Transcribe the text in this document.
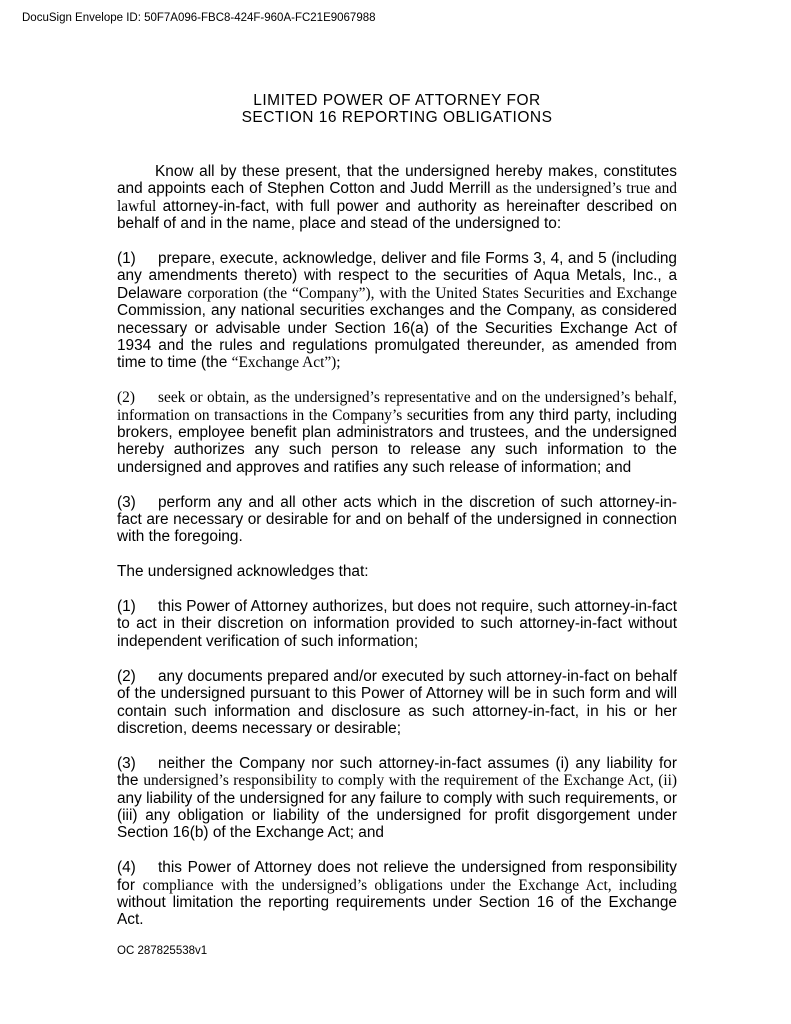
DocuSign Envelope ID: 50F7A096-FBC8-424F-960A-FC21E9067988
LIMITED POWER OF ATTORNEY FOR
SECTION 16 REPORTING OBLIGATIONS

Know all by these present, that the undersigned hereby makes, constitutes and appoints each of Stephen Cotton and Judd Merrill as the undersigned’s true and lawful attorney-in-fact, with full power and authority as hereinafter described on behalf of and in the name, place and stead of the undersigned to:

(1) prepare, execute, acknowledge, deliver and file Forms 3, 4, and 5 (including any amendments thereto) with respect to the securities of Aqua Metals, Inc., a Delaware corporation (the “Company”), with the United States Securities and Exchange Commission, any national securities exchanges and the Company, as considered necessary or advisable under Section 16(a) of the Securities Exchange Act of 1934 and the rules and regulations promulgated thereunder, as amended from time to time (the “Exchange Act”);

(2) seek or obtain, as the undersigned’s representative and on the undersigned’s behalf, information on transactions in the Company’s securities from any third party, including brokers, employee benefit plan administrators and trustees, and the undersigned hereby authorizes any such person to release any such information to the undersigned and approves and ratifies any such release of information; and

(3) perform any and all other acts which in the discretion of such attorney-in-fact are necessary or desirable for and on behalf of the undersigned in connection with the foregoing.

The undersigned acknowledges that:

(1) this Power of Attorney authorizes, but does not require, such attorney-in-fact to act in their discretion on information provided to such attorney-in-fact without independent verification of such information;

(2) any documents prepared and/or executed by such attorney-in-fact on behalf of the undersigned pursuant to this Power of Attorney will be in such form and will contain such information and disclosure as such attorney-in-fact, in his or her discretion, deems necessary or desirable;

(3) neither the Company nor such attorney-in-fact assumes (i) any liability for the undersigned’s responsibility to comply with the requirement of the Exchange Act, (ii) any liability of the undersigned for any failure to comply with such requirements, or (iii) any obligation or liability of the undersigned for profit disgorgement under Section 16(b) of the Exchange Act; and

(4) this Power of Attorney does not relieve the undersigned from responsibility for compliance with the undersigned’s obligations under the Exchange Act, including without limitation the reporting requirements under Section 16 of the Exchange Act.

OC 287825538v1
